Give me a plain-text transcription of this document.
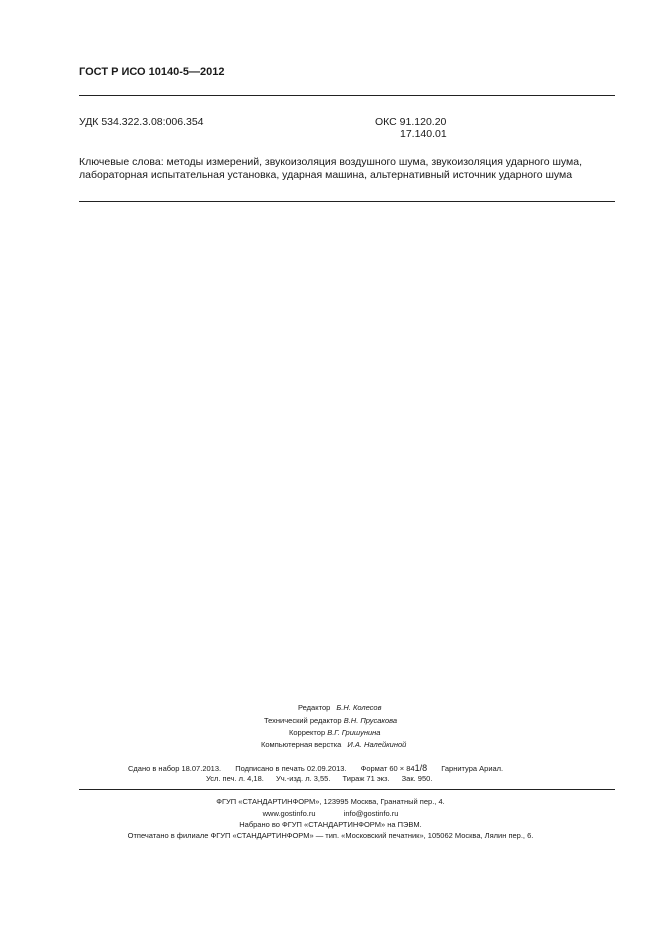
ГОСТ Р ИСО 10140-5—2012
УДК 534.322.3.08:006.354	ОКС 91.120.20
17.140.01
Ключевые слова: методы измерений, звукоизоляция воздушного шума, звукоизоляция ударного шума,
лабораторная испытательная установка, ударная машина, альтернативный источник ударного шума
Редактор Б.Н. Колесов
Технический редактор В.Н. Прусакова
Корректор В.Г. Гришунина
Компьютерная верстка И.А. Налейкиной
Сдано в набор 18.07.2013. Подписано в печать 02.09.2013. Формат 60 × 841/8 Гарнитура Ариал.
Усл. печ. л. 4,18. Уч.-изд. л. 3,55. Тираж 71 экз. Зак. 950.
ФГУП «СТАНДАРТИНФОРМ», 123995 Москва, Гранатный пер., 4.
www.gostinfo.ru	info@gostinfo.ru
Набрано во ФГУП «СТАНДАРТИНФОРМ» на ПЭВМ.
Отпечатано в филиале ФГУП «СТАНДАРТИНФОРМ» — тип. «Московский печатник», 105062 Москва, Лялин пер., 6.
